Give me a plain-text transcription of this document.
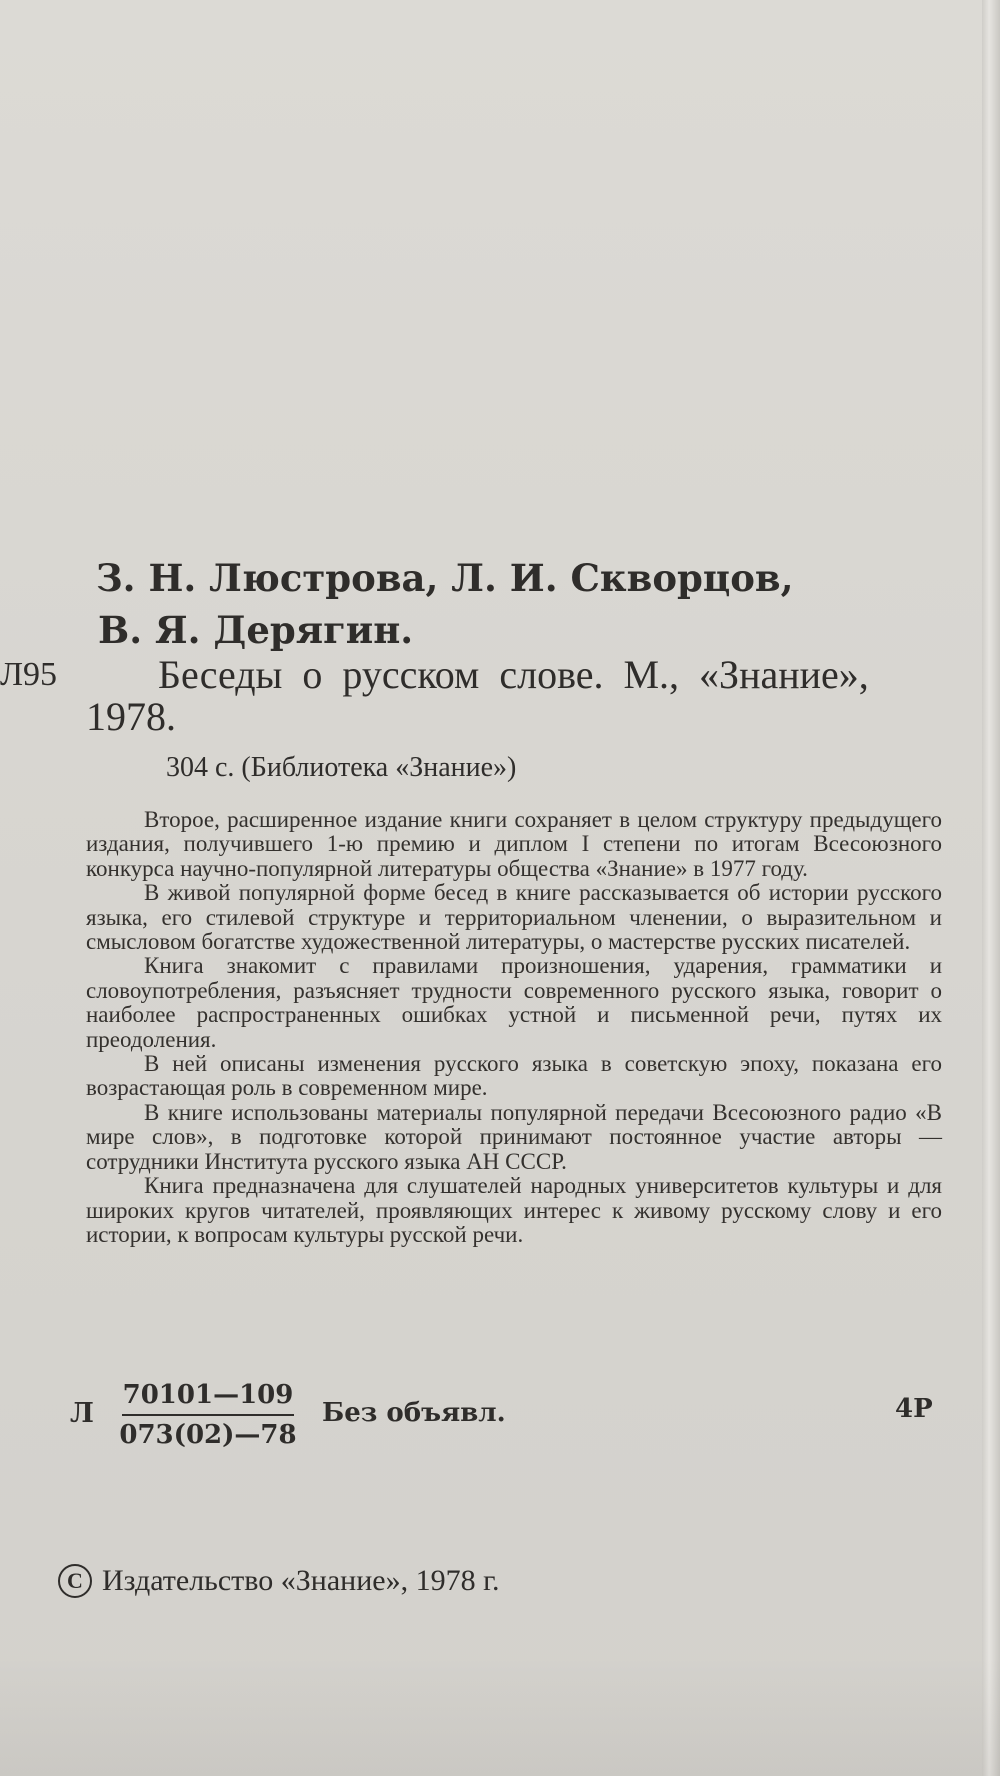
З. Н. Люстрова, Л. И. Скворцов,
В. Я. Дерягин.
Л95	Беседы о русском слове. М., «Знание»,
1978.
304 с. (Библиотека «Знание»)

Второе, расширенное издание книги сохраняет в целом структуру предыдущего издания, получившего 1-ю премию и диплом I степени по итогам Всесоюзного конкурса научно-популярной литературы общества «Знание» в 1977 году.

В живой популярной форме бесед в книге рассказывается об истории русского языка, его стилевой структуре и территориальном членении, о выразительном и смысловом богатстве художественной литературы, о мастерстве русских писателей.

Книга знакомит с правилами произношения, ударения, грамматики и словоупотребления, разъясняет трудности современного русского языка, говорит о наиболее распространенных ошибках устной и письменной речи, путях их преодоления.

В ней описаны изменения русского языка в советскую эпоху, показана его возрастающая роль в современном мире.

В книге использованы материалы популярной передачи Всесоюзного радио «В мире слов», в подготовке которой принимают постоянное участие авторы — сотрудники Института русского языка АН СССР.

Книга предназначена для слушателей народных университетов культуры и для широких кругов читателей, проявляющих интерес к живому русскому слову и его истории, к вопросам культуры русской речи.

Л
70101—109
073(02)—78
Без объявл.	4Р
C Издательство «Знание», 1978 г.
